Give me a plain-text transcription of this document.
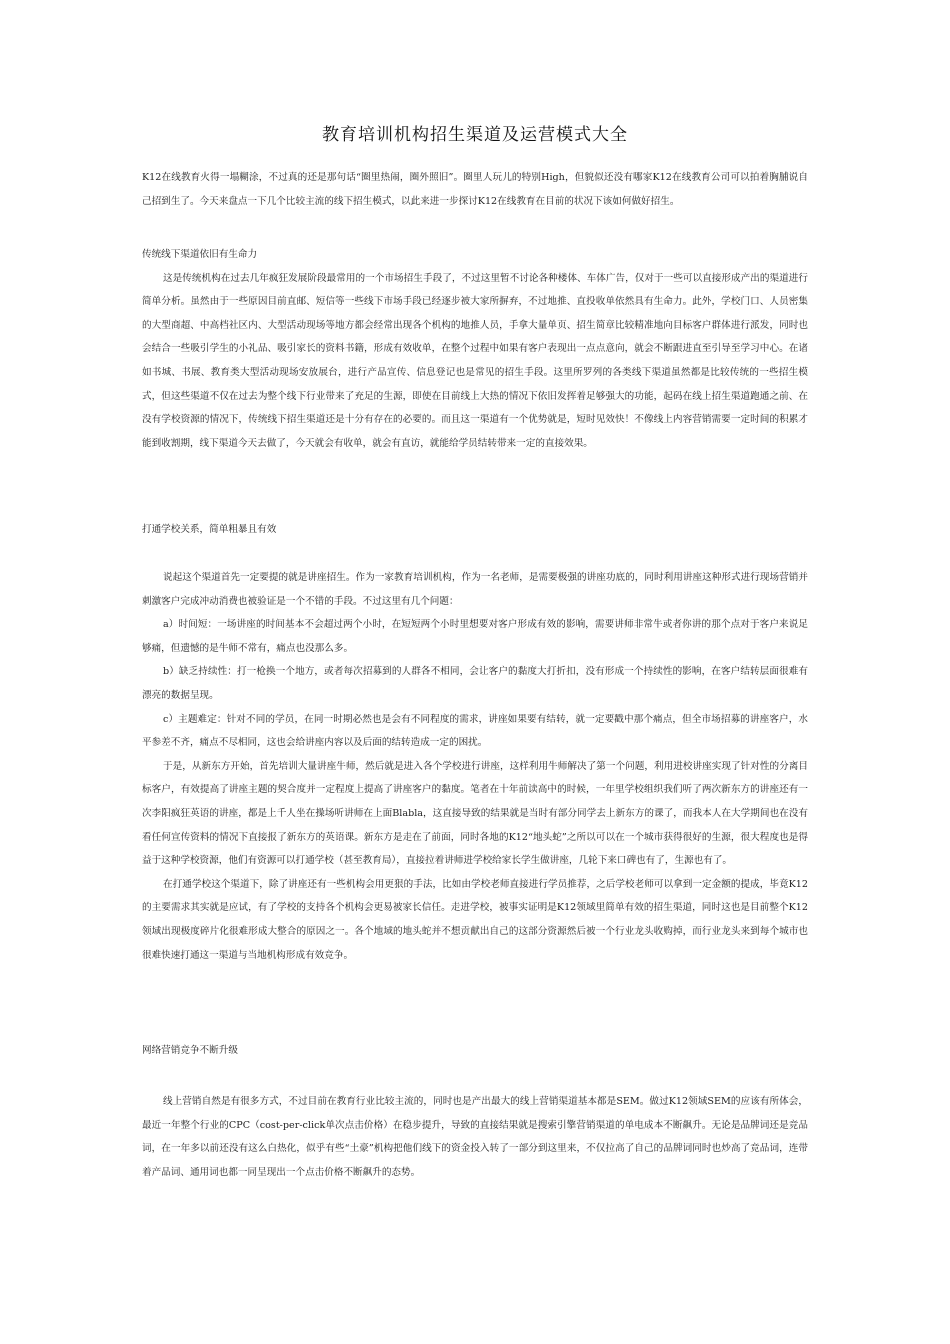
教育培训机构招生渠道及运营模式大全

K12在线教育火得一塌糊涂，不过真的还是那句话“圈里热闹，圈外照旧”。圈里人玩儿的特别High，但貌似还没有哪家K12在线教育公司可以拍着胸脯说自己招到生了。今天来盘点一下几个比较主流的线下招生模式，以此来进一步探讨K12在线教育在目前的状况下该如何做好招生。

传统线下渠道依旧有生命力

这是传统机构在过去几年疯狂发展阶段最常用的一个市场招生手段了，不过这里暂不讨论各种楼体、车体广告，仅对于一些可以直接形成产出的渠道进行简单分析。虽然由于一些原因目前直邮、短信等一些线下市场手段已经逐步被大家所摒弃，不过地推、直投收单依然具有生命力。此外，学校门口、人员密集的大型商超、中高档社区内、大型活动现场等地方都会经常出现各个机构的地推人员，手拿大量单页、招生简章比较精准地向目标客户群体进行派发，同时也会结合一些吸引学生的小礼品、吸引家长的资料书籍，形成有效收单，在整个过程中如果有客户表现出一点点意向，就会不断跟进直至引导至学习中心。在诸如书城、书展、教育类大型活动现场安放展台，进行产品宣传、信息登记也是常见的招生手段。这里所罗列的各类线下渠道虽然都是比较传统的一些招生模式，但这些渠道不仅在过去为整个线下行业带来了充足的生源，即使在目前线上大热的情况下依旧发挥着足够强大的功能，起码在线上招生渠道跑通之前、在没有学校资源的情况下，传统线下招生渠道还是十分有存在的必要的。而且这一渠道有一个优势就是，短时见效快！不像线上内容营销需要一定时间的积累才能到收割期，线下渠道今天去做了，今天就会有收单，就会有直访，就能给学员结转带来一定的直接效果。

打通学校关系，简单粗暴且有效

说起这个渠道首先一定要提的就是讲座招生。作为一家教育培训机构，作为一名老师，是需要极强的讲座功底的，同时利用讲座这种形式进行现场营销并刺激客户完成冲动消费也被验证是一个不错的手段。不过这里有几个问题：

a）时间短：一场讲座的时间基本不会超过两个小时，在短短两个小时里想要对客户形成有效的影响，需要讲师非常牛或者你讲的那个点对于客户来说足够痛，但遗憾的是牛师不常有，痛点也没那么多。

b）缺乏持续性：打一枪换一个地方，或者每次招募到的人群各不相同，会让客户的黏度大打折扣，没有形成一个持续性的影响，在客户结转层面很难有漂亮的数据呈现。

c）主题难定：针对不同的学员，在同一时期必然也是会有不同程度的需求，讲座如果要有结转，就一定要戳中那个痛点，但全市场招募的讲座客户，水平参差不齐，痛点不尽相同，这也会给讲座内容以及后面的结转造成一定的困扰。

于是，从新东方开始，首先培训大量讲座牛师，然后就是进入各个学校进行讲座，这样利用牛师解决了第一个问题，利用进校讲座实现了针对性的分离目标客户，有效提高了讲座主题的契合度并一定程度上提高了讲座客户的黏度。笔者在十年前读高中的时候，一年里学校组织我们听了两次新东方的讲座还有一次李阳疯狂英语的讲座，都是上千人坐在操场听讲师在上面Blabla，这直接导致的结果就是当时有部分同学去上新东方的课了，而我本人在大学期间也在没有看任何宣传资料的情况下直接报了新东方的英语课。新东方是走在了前面，同时各地的K12“地头蛇”之所以可以在一个城市获得很好的生源，很大程度也是得益于这种学校资源，他们有资源可以打通学校（甚至教育局），直接拉着讲师进学校给家长学生做讲座，几轮下来口碑也有了，生源也有了。

在打通学校这个渠道下，除了讲座还有一些机构会用更狠的手法，比如由学校老师直接进行学员推荐，之后学校老师可以拿到一定金额的提成，毕竟K12的主要需求其实就是应试，有了学校的支持各个机构会更易被家长信任。走进学校，被事实证明是K12领域里简单有效的招生渠道，同时这也是目前整个K12领域出现极度碎片化很难形成大整合的原因之一。各个地域的地头蛇并不想贡献出自己的这部分资源然后被一个行业龙头收购掉，而行业龙头来到每个城市也很难快速打通这一渠道与当地机构形成有效竞争。

网络营销竞争不断升级

线上营销自然是有很多方式，不过目前在教育行业比较主流的，同时也是产出最大的线上营销渠道基本都是SEM。做过K12领域SEM的应该有所体会，最近一年整个行业的CPC（cost-per-click单次点击价格）在稳步提升，导致的直接结果就是搜索引擎营销渠道的单电成本不断飙升。无论是品牌词还是竞品词，在一年多以前还没有这么白热化，似乎有些“土豪”机构把他们线下的资金投入转了一部分到这里来，不仅拉高了自己的品牌词同时也炒高了竞品词，连带着产品词、通用词也都一同呈现出一个点击价格不断飙升的态势。
